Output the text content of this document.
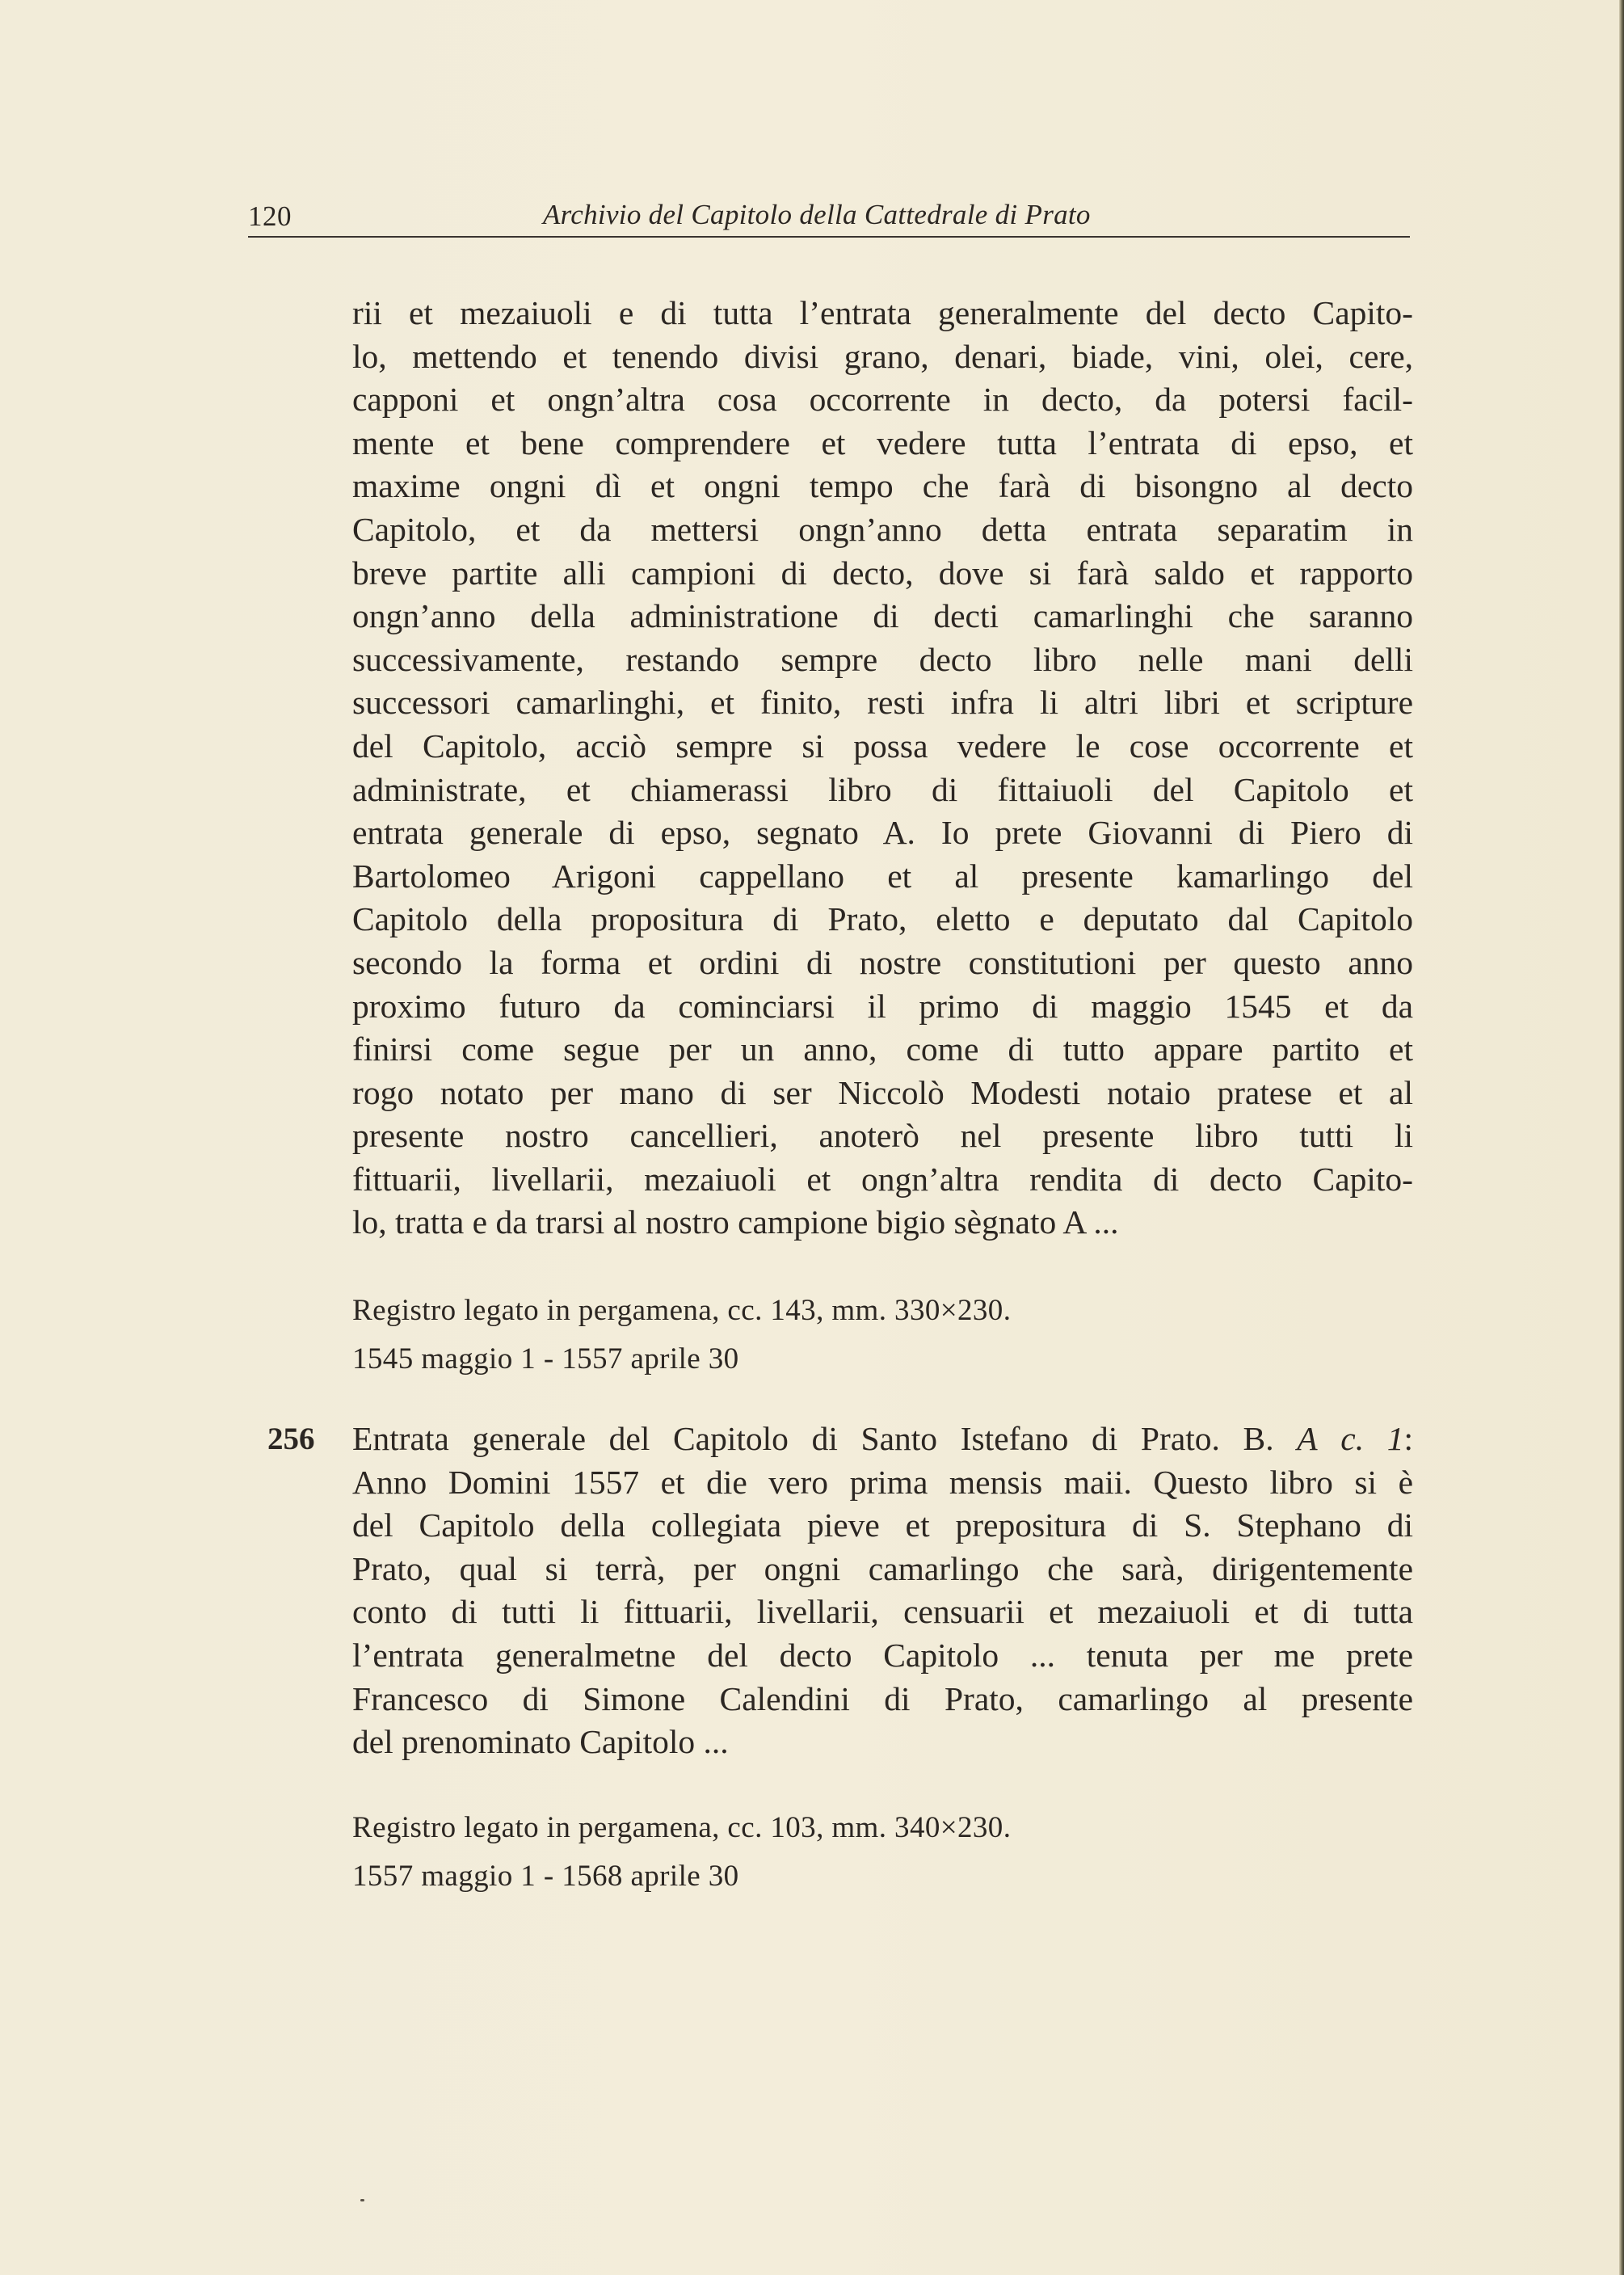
120	Archivio del Capitolo della Cattedrale di Prato
rii et mezaiuoli e di tutta l’entrata generalmente del decto Capito-
lo, mettendo et tenendo divisi grano, denari, biade, vini, olei, cere,
capponi et ongn’altra cosa occorrente in decto, da potersi facil-
mente et bene comprendere et vedere tutta l’entrata di epso, et
maxime ongni dì et ongni tempo che farà di bisongno al decto
Capitolo, et da mettersi ongn’anno detta entrata separatim in
breve partite alli campioni di decto, dove si farà saldo et rapporto
ongn’anno della administratione di decti camarlinghi che saranno
successivamente, restando sempre decto libro nelle mani delli
successori camarlinghi, et finito, resti infra li altri libri et scripture
del Capitolo, acciò sempre si possa vedere le cose occorrente et
administrate, et chiamerassi libro di fittaiuoli del Capitolo et
entrata generale di epso, segnato A. Io prete Giovanni di Piero di
Bartolomeo Arigoni cappellano et al presente kamarlingo del
Capitolo della propositura di Prato, eletto e deputato dal Capitolo
secondo la forma et ordini di nostre constitutioni per questo anno
proximo futuro da cominciarsi il primo di maggio 1545 et da
finirsi come segue per un anno, come di tutto appare partito et
rogo notato per mano di ser Niccolò Modesti notaio pratese et al
presente nostro cancellieri, anoterò nel presente libro tutti li
fittuarii, livellarii, mezaiuoli et ongn’altra rendita di decto Capito-
lo, tratta e da trarsi al nostro campione bigio sègnato A ...
Registro legato in pergamena, cc. 143, mm. 330×230.
1545 maggio 1 - 1557 aprile 30
256 Entrata generale del Capitolo di Santo Istefano di Prato. B. A c. 1:
Anno Domini 1557 et die vero prima mensis maii. Questo libro si è
del Capitolo della collegiata pieve et prepositura di S. Stephano di
Prato, qual si terrà, per ongni camarlingo che sarà, dirigentemente
conto di tutti li fittuarii, livellarii, censuarii et mezaiuoli et di tutta
l’entrata generalmetne del decto Capitolo ... tenuta per me prete
Francesco di Simone Calendini di Prato, camarlingo al presente
del prenominato Capitolo ...
Registro legato in pergamena, cc. 103, mm. 340×230.
1557 maggio 1 - 1568 aprile 30
